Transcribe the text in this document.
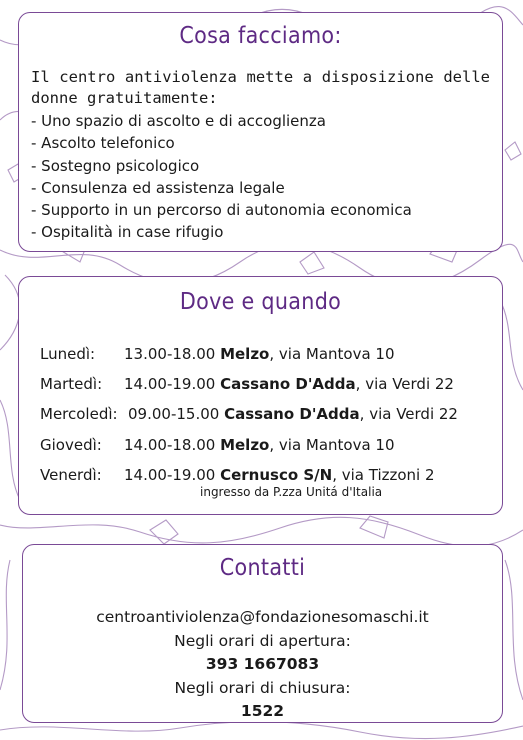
Cosa facciamo:
Il centro antiviolenza mette a disposizione delle donne gratuitamente:
- Uno spazio di ascolto e di accoglienza
- Ascolto telefonico
- Sostegno psicologico
- Consulenza ed assistenza legale
- Supporto in un percorso di autonomia economica
- Ospitalità in case rifugio
Dove e quando
Lunedì: 13.00-18.00 Melzo, via Mantova 10
Martedì: 14.00-19.00 Cassano D'Adda, via Verdi 22
Mercoledì: 09.00-15.00 Cassano D'Adda, via Verdi 22
Giovedì: 14.00-18.00 Melzo, via Mantova 10
Venerdì: 14.00-19.00 Cernusco S/N, via Tizzoni 2
ingresso da P.zza Unitá d'Italia
Contatti
centroantiviolenza@fondazionesomaschi.it
Negli orari di apertura:
393 1667083
Negli orari di chiusura:
1522
